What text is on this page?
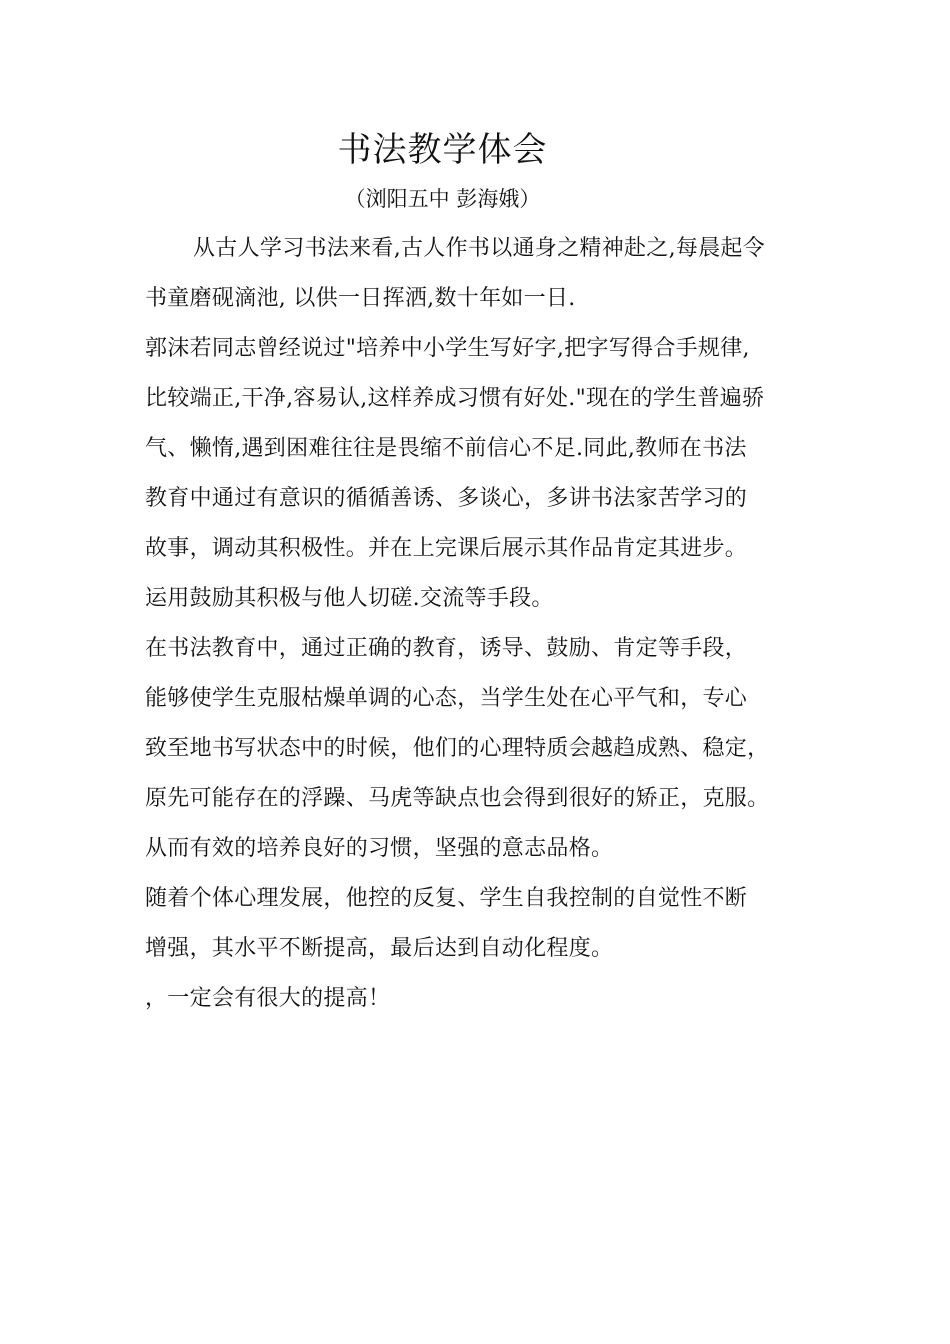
书法教学体会
（浏阳五中 彭海娥）
从古人学习书法来看,古人作书以通身之精神赴之,每晨起令
书童磨砚滴池, 以供一日挥洒,数十年如一日.
郭沫若同志曾经说过"培养中小学生写好字,把字写得合手规律,
比较端正,干净,容易认,这样养成习惯有好处."现在的学生普遍骄
气、懒惰,遇到困难往往是畏缩不前信心不足.同此,教师在书法
教育中通过有意识的循循善诱、多谈心，多讲书法家苦学习的
故事，调动其积极性。并在上完课后展示其作品肯定其进步。
运用鼓励其积极与他人切磋.交流等手段。
在书法教育中，通过正确的教育，诱导、鼓励、肯定等手段，
能够使学生克服枯燥单调的心态，当学生处在心平气和，专心
致至地书写状态中的时候，他们的心理特质会越趋成熟、稳定，
原先可能存在的浮躁、马虎等缺点也会得到很好的矫正，克服。
从而有效的培养良好的习惯，坚强的意志品格。
随着个体心理发展，他控的反复、学生自我控制的自觉性不断
增强，其水平不断提高，最后达到自动化程度。
，一定会有很大的提高！
